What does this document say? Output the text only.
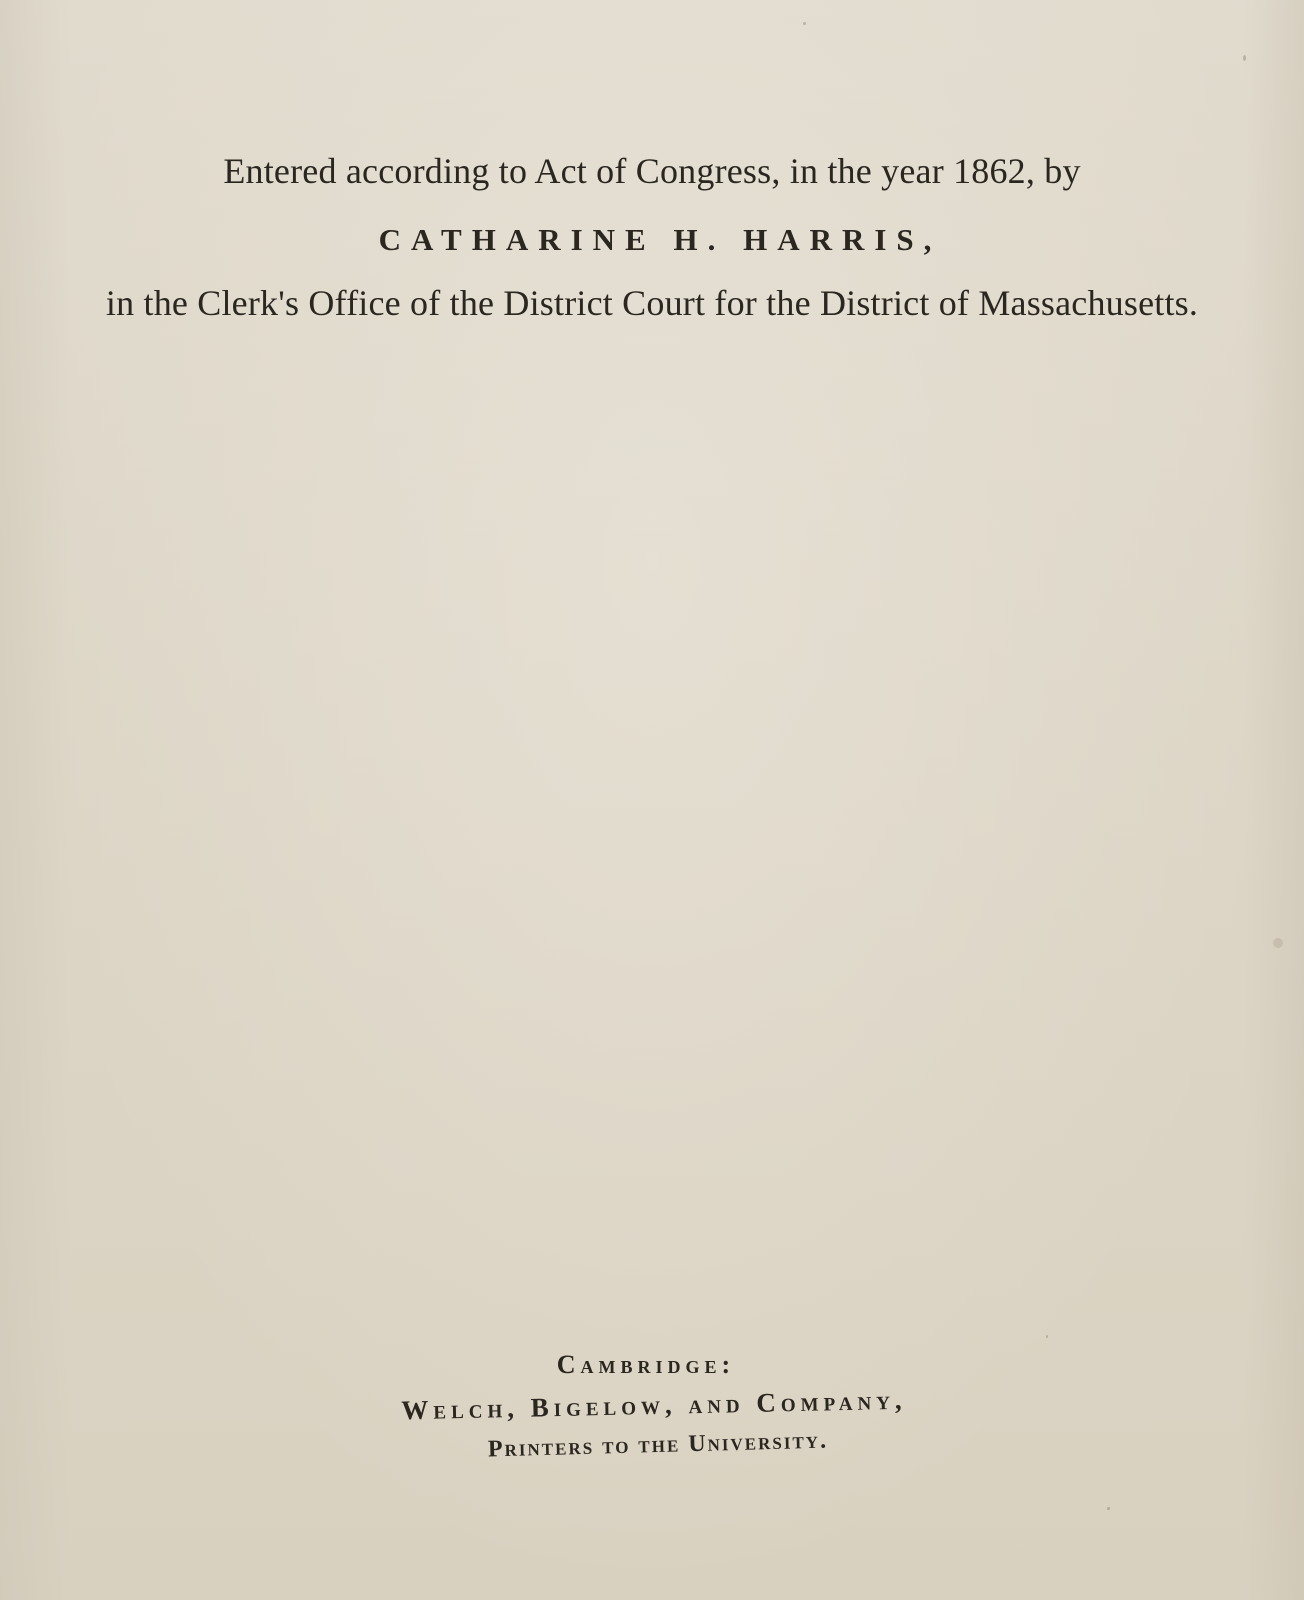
Entered according to Act of Congress, in the year 1862, by

CATHARINE H. HARRIS,

in the Clerk's Office of the District Court for the District of Massachusetts.

Cambridge:

Welch, Bigelow, and Company,

Printers to the University.
